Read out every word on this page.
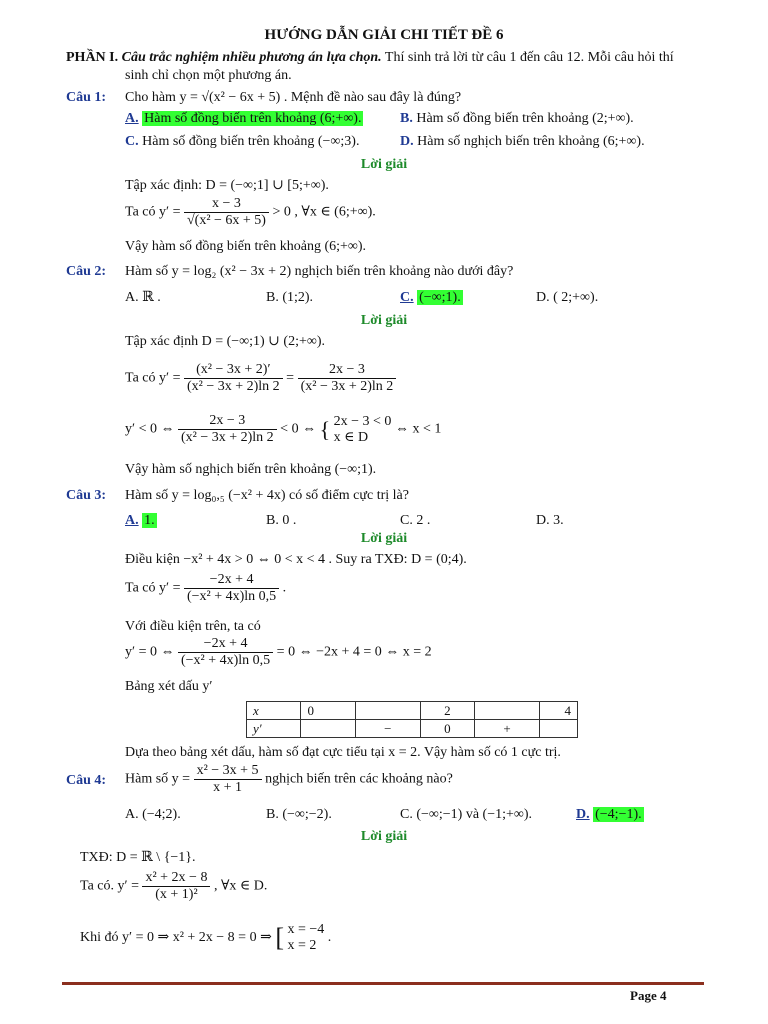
HƯỚNG DẪN GIẢI CHI TIẾT ĐỀ 6
PHẦN I. Câu trắc nghiệm nhiều phương án lựa chọn. Thí sinh trả lời từ câu 1 đến câu 12. Mỗi câu hỏi thí
sinh chỉ chọn một phương án.
Câu 1: Cho hàm y = √(x² − 6x + 5) . Mệnh đề nào sau đây là đúng?
A. Hàm số đồng biến trên khoảng (6;+∞).	B. Hàm số đồng biến trên khoảng (2;+∞).
C. Hàm số đồng biến trên khoảng (−∞;3).	D. Hàm số nghịch biến trên khoảng (6;+∞).
Lời giải
Tập xác định: D = (−∞;1] ∪ [5;+∞).
Ta có $y' = \frac{x - 3}{\text{√(x² − 6x + 5)}} > 0$ , ∀x ∈ (6;+∞).
Vậy hàm số đồng biến trên khoảng (6;+∞).
Câu 2: Hàm số y = log₂ (x² − 3x + 2) nghịch biến trên khoảng nào dưới đây?
A. ℝ .	B. (1;2).	C. (−∞;1).	D. ( 2;+∞).
Lời giải
Tập xác định D = (−∞;1) ∪ (2;+∞).
Ta có $y' = \frac{\text{(x² − 3x + 2)′}}{\text{(x² − 3x + 2)ln 2}} = \frac{2x - 3}{\text{(x² − 3x + 2)ln 2}}$
y′ < 0 ⇔ $\frac{2x - 3}{\text{(x² − 3x + 2)ln 2}} < 0$ ⇔ { 2x − 3 < 0
x ∈ D
⇔ x < 1
Vậy hàm số nghịch biến trên khoảng (−∞;1).
Câu 3: Hàm số y = log₀,₅ (−x² + 4x) có số điểm cực trị là?
A. 1.	B. 0 .	C. 2 .	D. 3.
Lời giải
Điều kiện −x² + 4x > 0 ⇔ 0 < x < 4 . Suy ra TXĐ: D = (0;4).
Ta có $y' = \frac{-2x + 4}{\text{(−x² + 4x)ln 0,5}}$ .
Với điều kiện trên, ta có
y′ = 0 ⇔ $\frac{-2x + 4}{\text{(−x² + 4x)ln 0,5}} = 0$ ⇔ −2x + 4 = 0 ⇔ x = 2
Bảng xét dấu y′
x	0		2		4
y′		−	0	+	
Dựa theo bảng xét dấu, hàm số đạt cực tiểu tại x = 2. Vậy hàm số có 1 cực trị.
Câu 4: Hàm số $y = \frac{\text{x² − 3x + 5}}{x + 1}$ nghịch biến trên các khoảng nào?
A. (−4;2).	B. (−∞;−2).	C. (−∞;−1) và (−1;+∞).	D. (−4;−1).
Lời giải
TXĐ: D = ℝ \ {−1}.
Ta có. $y' = \frac{\text{x² + 2x − 8}}{\text{(x + 1)²}}$ , ∀x ∈ D.
Khi đó y′ = 0 ⇒ x² + 2x − 8 = 0 ⇒ [ x = −4
x = 2
.
Page 4
